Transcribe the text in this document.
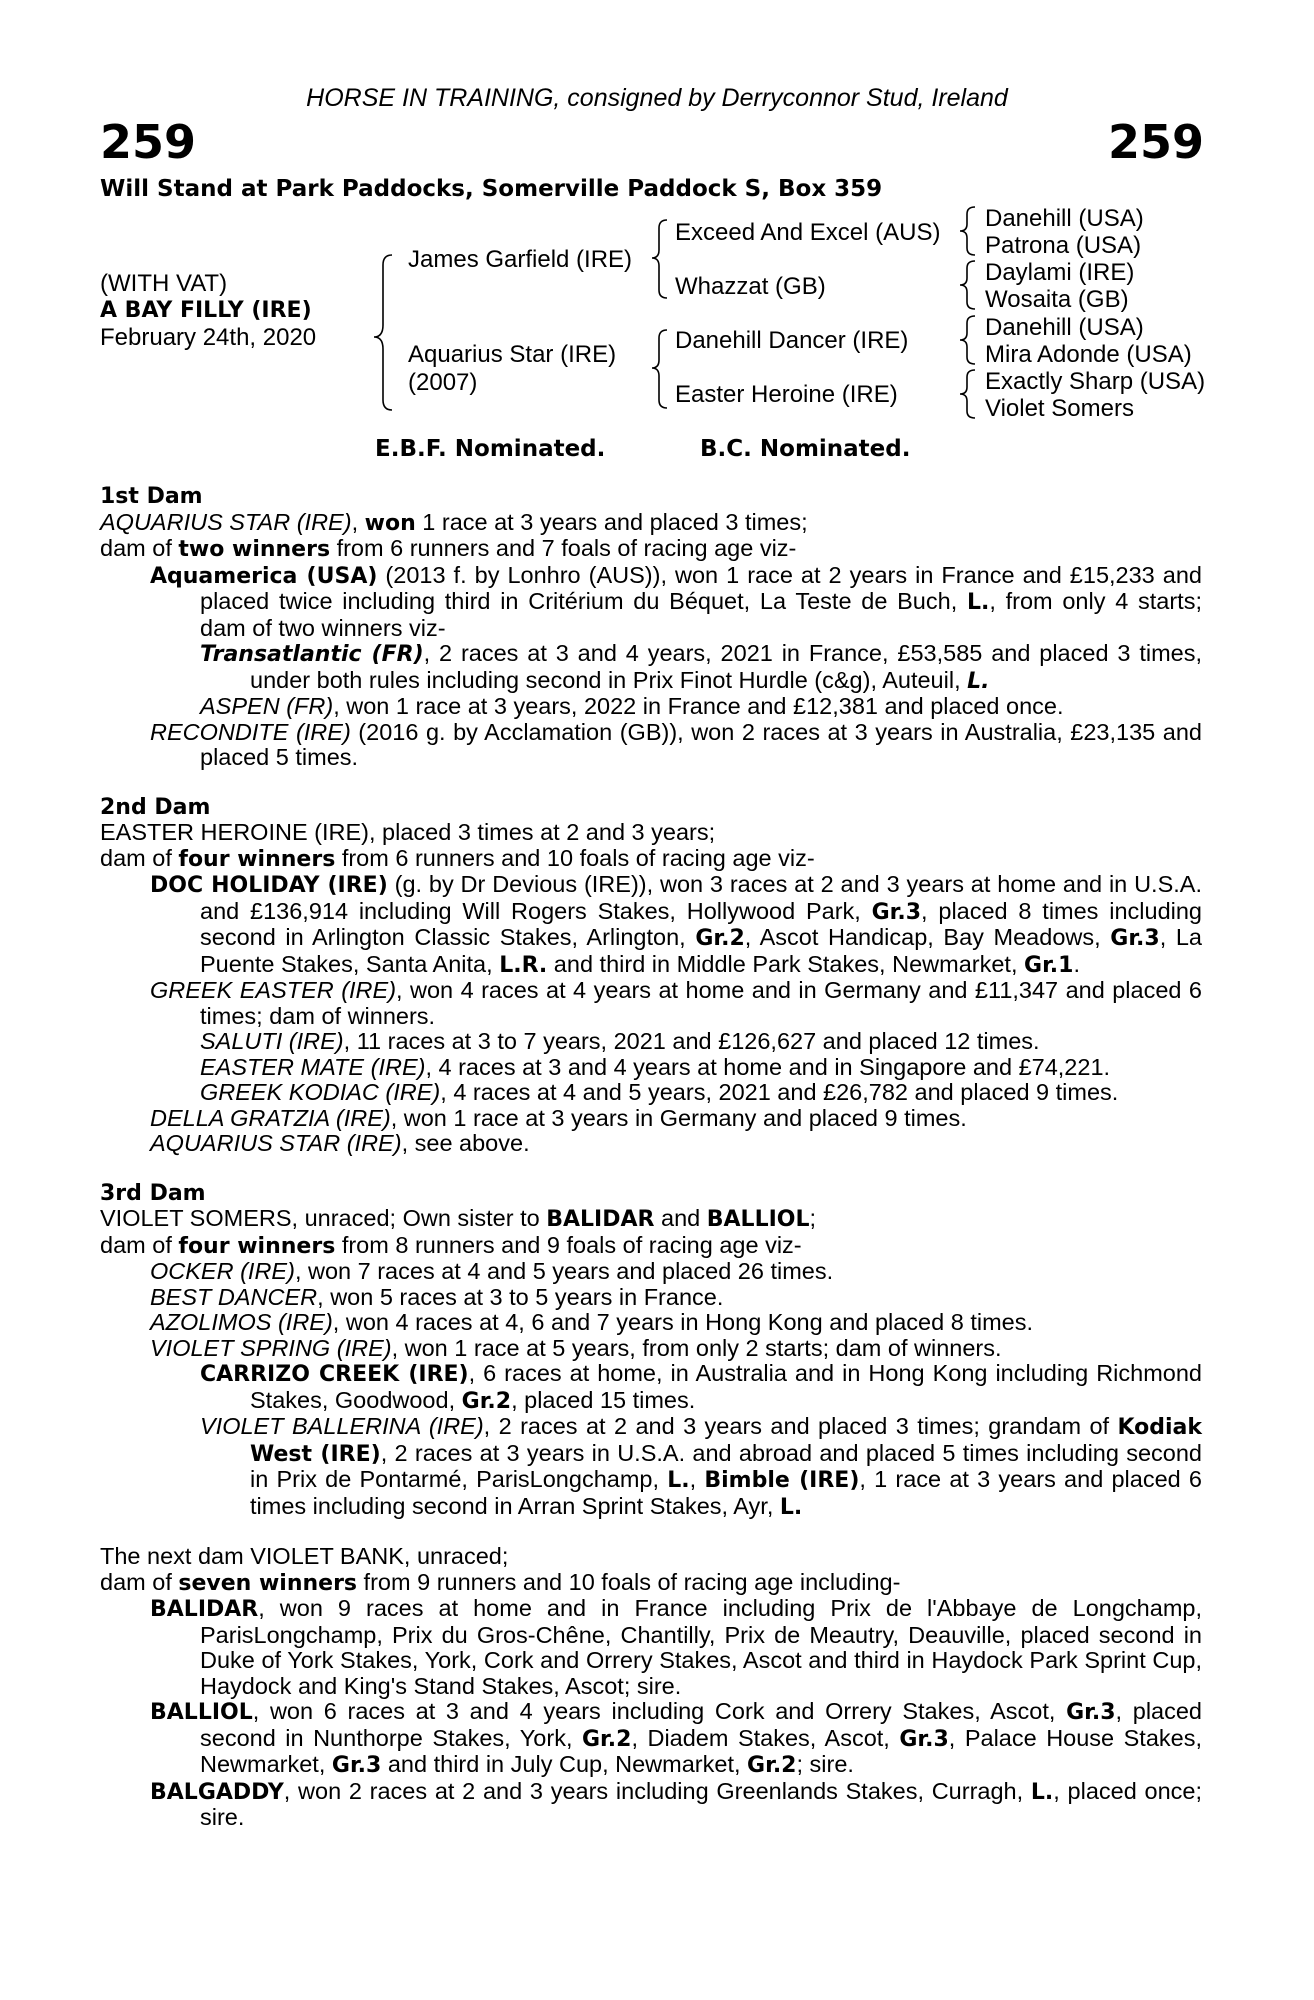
HORSE IN TRAINING, consigned by Derryconnor Stud, Ireland
259	259
Will Stand at Park Paddocks, Somerville Paddock S, Box 359
(WITH VAT)
A BAY FILLY (IRE)
February 24th, 2020
James Garfield (IRE)
Aquarius Star (IRE)
(2007)
Exceed And Excel (AUS)
Whazzat (GB)
Danehill Dancer (IRE)
Easter Heroine (IRE)
Danehill (USA)
Patrona (USA)
Daylami (IRE)
Wosaita (GB)
Danehill (USA)
Mira Adonde (USA)
Exactly Sharp (USA)
Violet Somers
E.B.F. Nominated.	B.C. Nominated.

1st Dam

AQUARIUS STAR (IRE), won 1 race at 3 years and placed 3 times;

dam of two winners from 6 runners and 7 foals of racing age viz-

Aquamerica (USA) (2013 f. by Lonhro (AUS)), won 1 race at 2 years in France and £15,233 and placed twice including third in Critérium du Béquet, La Teste de Buch, L., from only 4 starts; dam of two winners viz-

Transatlantic (FR), 2 races at 3 and 4 years, 2021 in France, £53,585 and placed 3 times, under both rules including second in Prix Finot Hurdle (c&g), Auteuil, L.

ASPEN (FR), won 1 race at 3 years, 2022 in France and £12,381 and placed once.

RECONDITE (IRE) (2016 g. by Acclamation (GB)), won 2 races at 3 years in Australia, £23,135 and placed 5 times.

2nd Dam

EASTER HEROINE (IRE), placed 3 times at 2 and 3 years;

dam of four winners from 6 runners and 10 foals of racing age viz-

DOC HOLIDAY (IRE) (g. by Dr Devious (IRE)), won 3 races at 2 and 3 years at home and in U.S.A. and £136,914 including Will Rogers Stakes, Hollywood Park, Gr.3, placed 8 times including second in Arlington Classic Stakes, Arlington, Gr.2, Ascot Handicap, Bay Meadows, Gr.3, La Puente Stakes, Santa Anita, L.R. and third in Middle Park Stakes, Newmarket, Gr.1.

GREEK EASTER (IRE), won 4 races at 4 years at home and in Germany and £11,347 and placed 6 times; dam of winners.

SALUTI (IRE), 11 races at 3 to 7 years, 2021 and £126,627 and placed 12 times.

EASTER MATE (IRE), 4 races at 3 and 4 years at home and in Singapore and £74,221.

GREEK KODIAC (IRE), 4 races at 4 and 5 years, 2021 and £26,782 and placed 9 times.

DELLA GRATZIA (IRE), won 1 race at 3 years in Germany and placed 9 times.

AQUARIUS STAR (IRE), see above.

3rd Dam

VIOLET SOMERS, unraced; Own sister to BALIDAR and BALLIOL;

dam of four winners from 8 runners and 9 foals of racing age viz-

OCKER (IRE), won 7 races at 4 and 5 years and placed 26 times.

BEST DANCER, won 5 races at 3 to 5 years in France.

AZOLIMOS (IRE), won 4 races at 4, 6 and 7 years in Hong Kong and placed 8 times.

VIOLET SPRING (IRE), won 1 race at 5 years, from only 2 starts; dam of winners.

CARRIZO CREEK (IRE), 6 races at home, in Australia and in Hong Kong including Richmond Stakes, Goodwood, Gr.2, placed 15 times.

VIOLET BALLERINA (IRE), 2 races at 2 and 3 years and placed 3 times; grandam of Kodiak West (IRE), 2 races at 3 years in U.S.A. and abroad and placed 5 times including second in Prix de Pontarmé, ParisLongchamp, L., Bimble (IRE), 1 race at 3 years and placed 6 times including second in Arran Sprint Stakes, Ayr, L.

The next dam VIOLET BANK, unraced;

dam of seven winners from 9 runners and 10 foals of racing age including-

BALIDAR, won 9 races at home and in France including Prix de l'Abbaye de Longchamp, ParisLongchamp, Prix du Gros-Chêne, Chantilly, Prix de Meautry, Deauville, placed second in Duke of York Stakes, York, Cork and Orrery Stakes, Ascot and third in Haydock Park Sprint Cup, Haydock and King's Stand Stakes, Ascot; sire.

BALLIOL, won 6 races at 3 and 4 years including Cork and Orrery Stakes, Ascot, Gr.3, placed second in Nunthorpe Stakes, York, Gr.2, Diadem Stakes, Ascot, Gr.3, Palace House Stakes, Newmarket, Gr.3 and third in July Cup, Newmarket, Gr.2; sire.

BALGADDY, won 2 races at 2 and 3 years including Greenlands Stakes, Curragh, L., placed once; sire.
